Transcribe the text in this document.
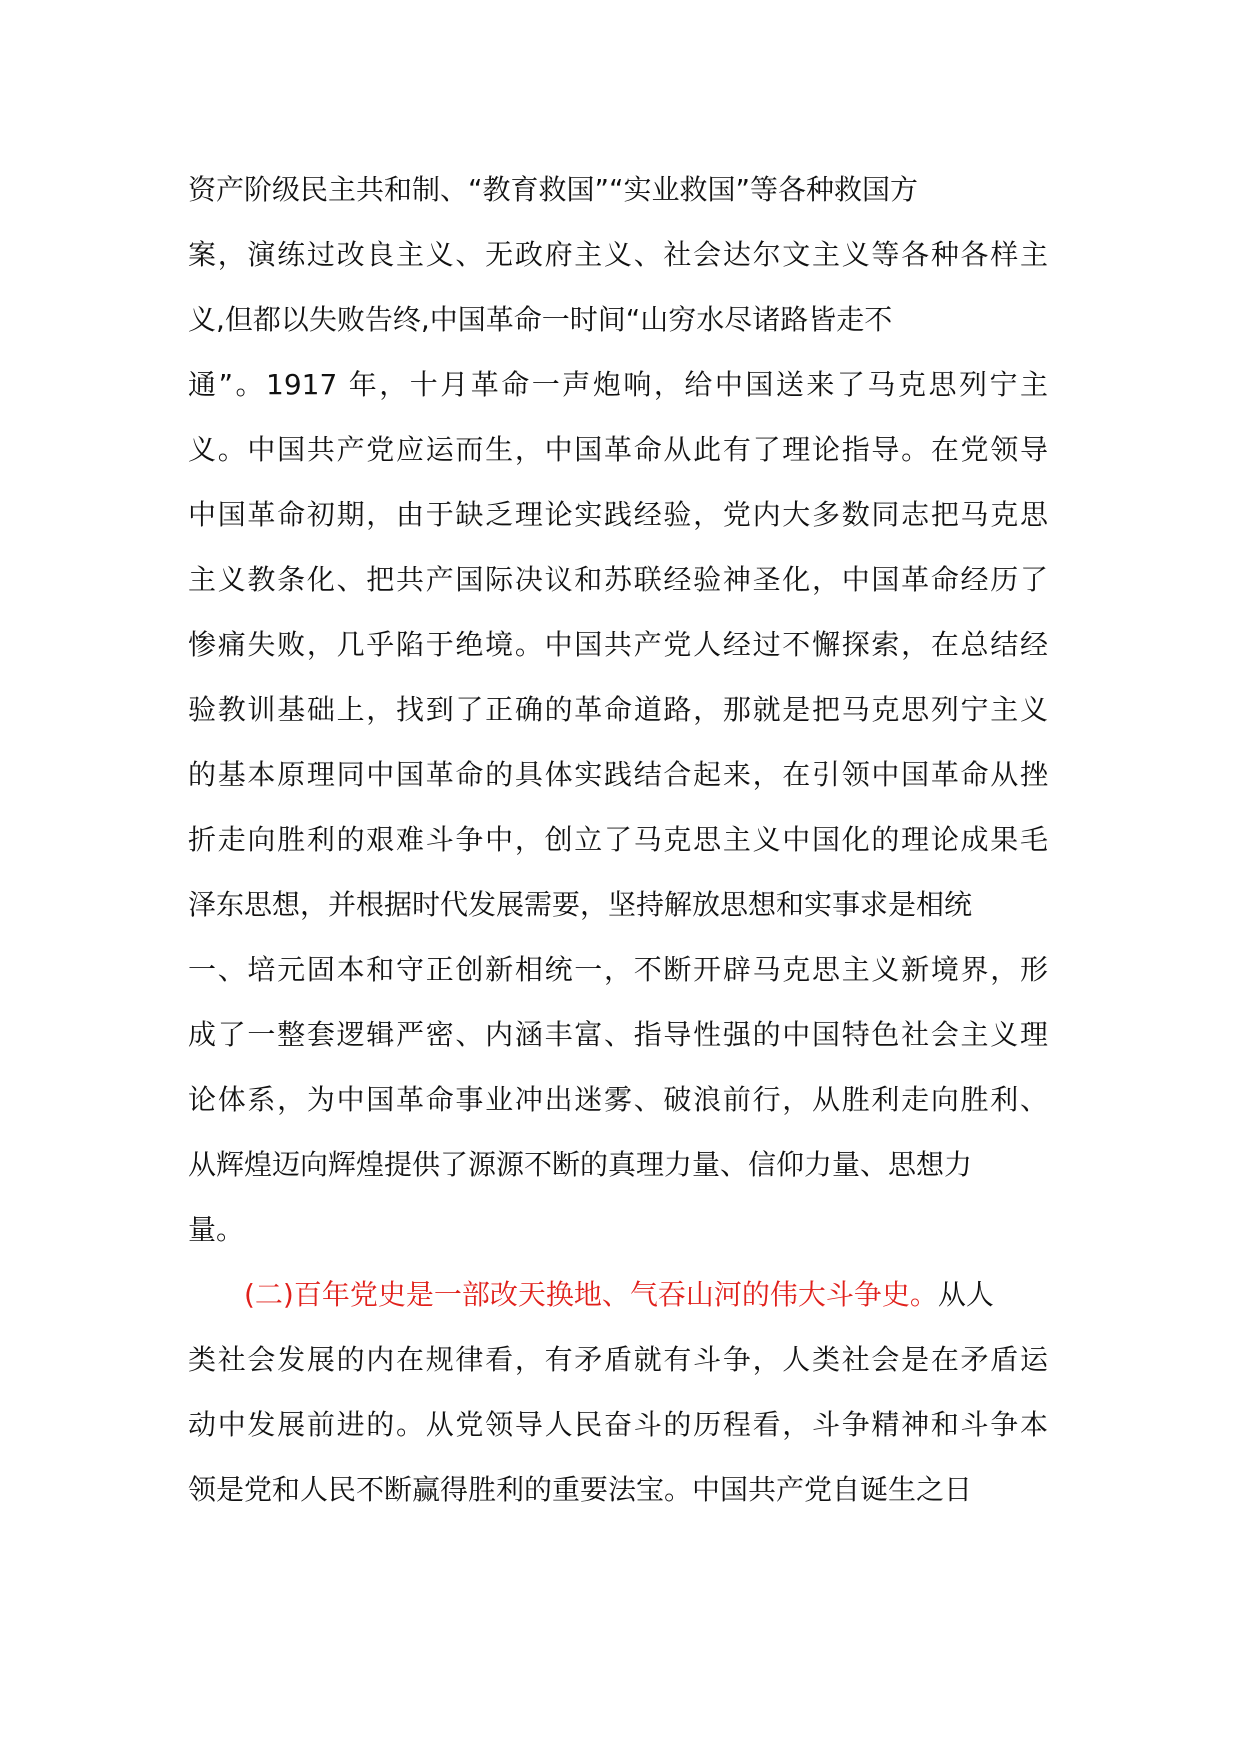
资产阶级民主共和制、“教育救国”“实业救国”等各种救国方
案，演练过改良主义、无政府主义、社会达尔文主义等各种各样主
义,但都以失败告终,中国革命一时间“山穷水尽诸路皆走不
通”。1917 年，十月革命一声炮响，给中国送来了马克思列宁主
义。中国共产党应运而生，中国革命从此有了理论指导。在党领导
中国革命初期，由于缺乏理论实践经验，党内大多数同志把马克思
主义教条化、把共产国际决议和苏联经验神圣化，中国革命经历了
惨痛失败，几乎陷于绝境。中国共产党人经过不懈探索，在总结经
验教训基础上，找到了正确的革命道路，那就是把马克思列宁主义
的基本原理同中国革命的具体实践结合起来，在引领中国革命从挫
折走向胜利的艰难斗争中，创立了马克思主义中国化的理论成果毛
泽东思想，并根据时代发展需要，坚持解放思想和实事求是相统
一、培元固本和守正创新相统一，不断开辟马克思主义新境界，形
成了一整套逻辑严密、内涵丰富、指导性强的中国特色社会主义理
论体系，为中国革命事业冲出迷雾、破浪前行，从胜利走向胜利、
从辉煌迈向辉煌提供了源源不断的真理力量、信仰力量、思想力
量。
(二)百年党史是一部改天换地、气吞山河的伟大斗争史。从人
类社会发展的内在规律看，有矛盾就有斗争，人类社会是在矛盾运
动中发展前进的。从党领导人民奋斗的历程看，斗争精神和斗争本
领是党和人民不断赢得胜利的重要法宝。中国共产党自诞生之日
